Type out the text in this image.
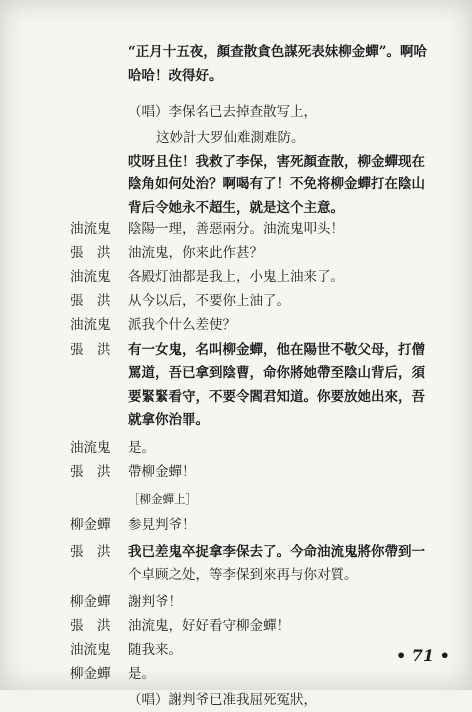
“正月十五夜，顏查散貪色謀死表妹柳金蟬”。啊哈
哈哈！改得好。
（唱）李保名已去掉查散写上，
这妙計大罗仙难測难防。
哎呀且住！我救了李保，害死顏查散，柳金蟬现在
陰角如何处治？啊喝有了！不免将柳金蟬打在陰山
背后令她永不超生，就是这个主意。
油流鬼	陰陽一理，善惡兩分。油流鬼叩头！
張　洪	油流鬼，你来此作甚？
油流鬼	各殿灯油都是我上，小鬼上油来了。
張　洪	从今以后，不要你上油了。
油流鬼	派我个什么差使？
張　洪	有一女鬼，名叫柳金蟬，他在陽世不敬父母，打僧
罵道，吾已拿到陰曹，命你將她帶至陰山背后，須
要緊緊看守，不要令閻君知道。你要放她出來，吾
就拿你治罪。
油流鬼	是。
張　洪	帶柳金蟬！
［柳金蟬上］
柳金蟬	参見判爷！
張　洪	我已差鬼卒捉拿李保去了。今命油流鬼將你帶到一
个卓顾之处，等李保到來再与你对質。
柳金蟬	謝判爷！
張　洪	油流鬼，好好看守柳金蟬！
油流鬼	随我来。
柳金蟬	是。
（唱）謝判爷已准我屈死冤狀，
• 71 •
